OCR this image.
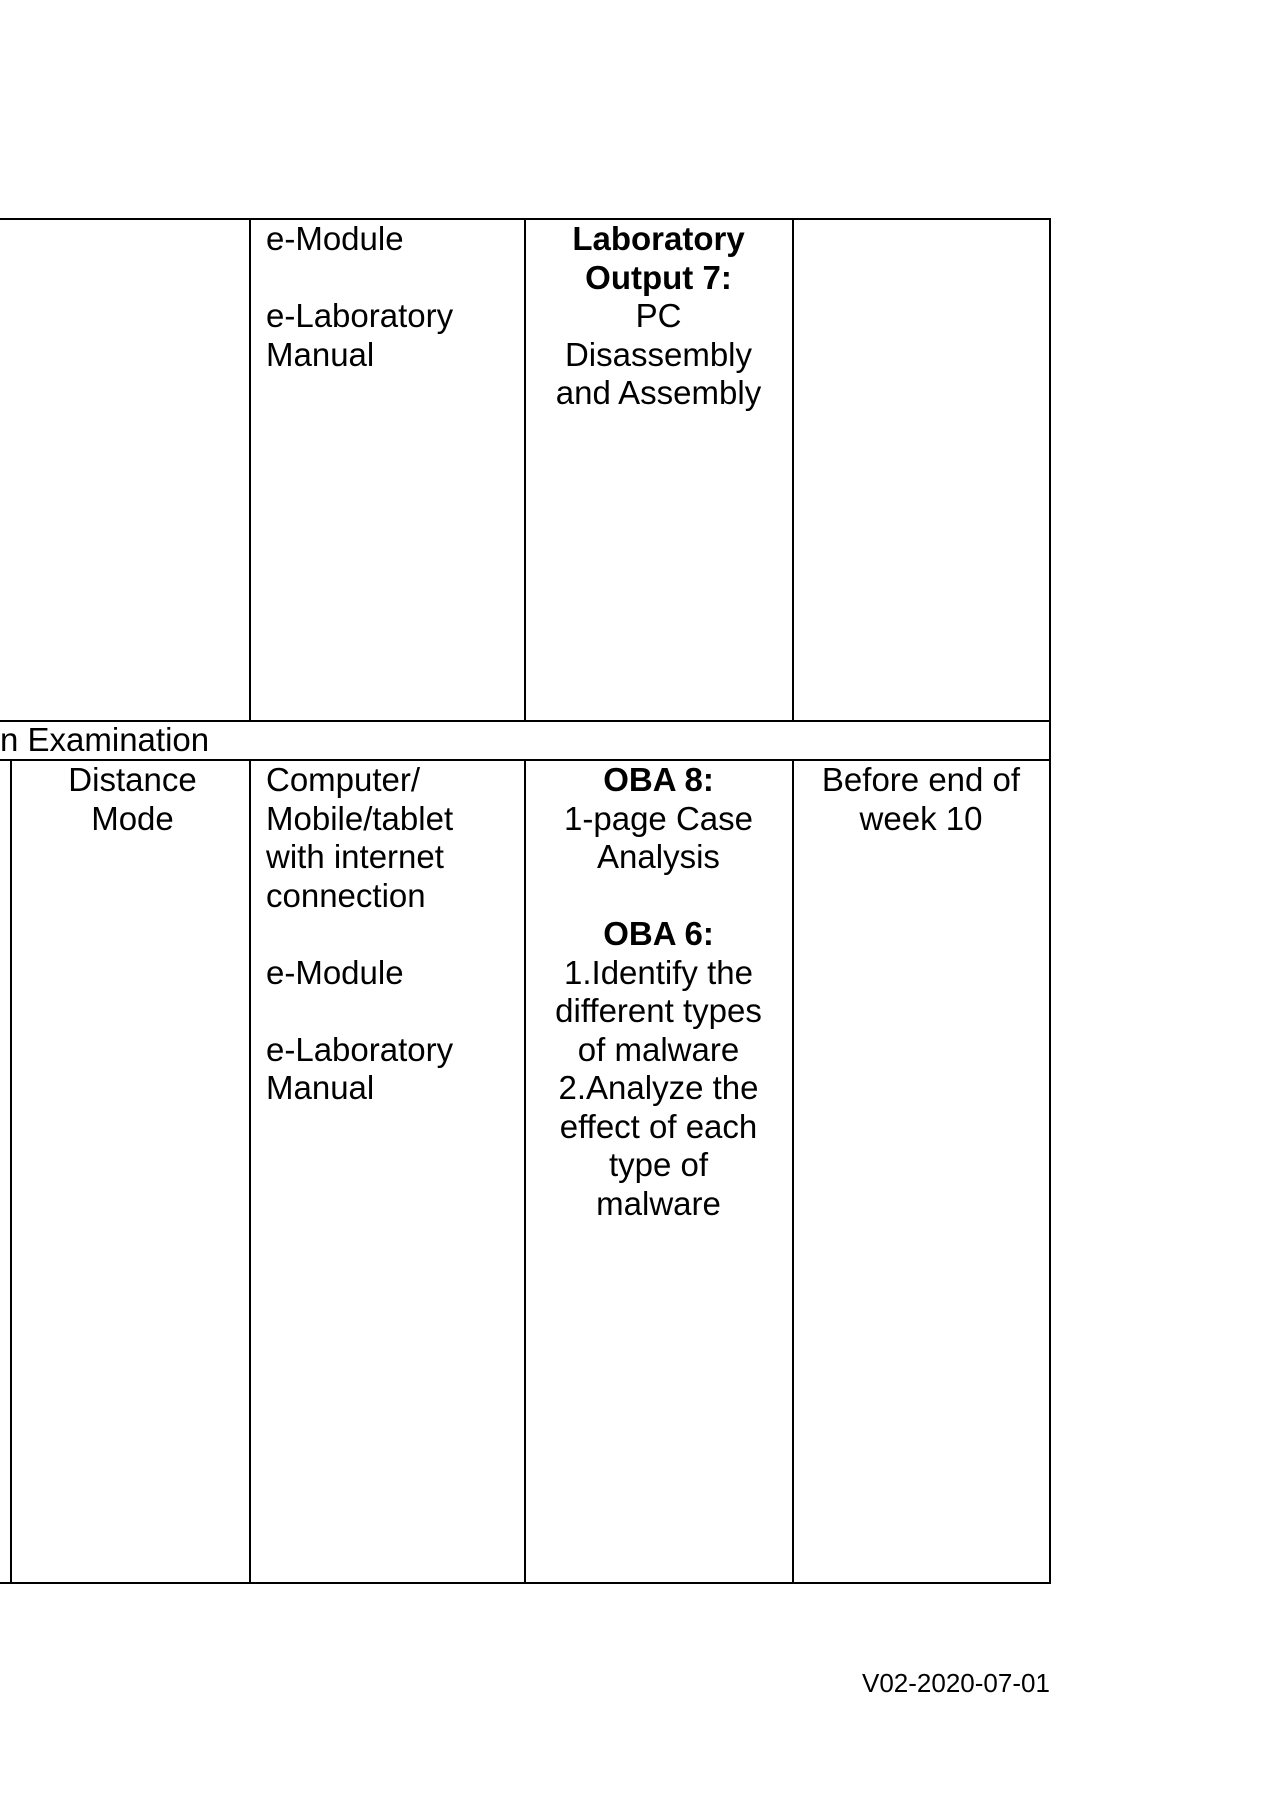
e-Module
e-Laboratory Manual
Laboratory Output 7:
PC Disassembly and Assembly
n Examination
Distance Mode
Computer/ Mobile/tablet with internet connection
e-Module
e-Laboratory Manual
OBA 8:
1-page Case Analysis
OBA 6:
1.Identify the different types of malware
2.Analyze the effect of each type of malware
Before end of week 10
V02-2020-07-01
